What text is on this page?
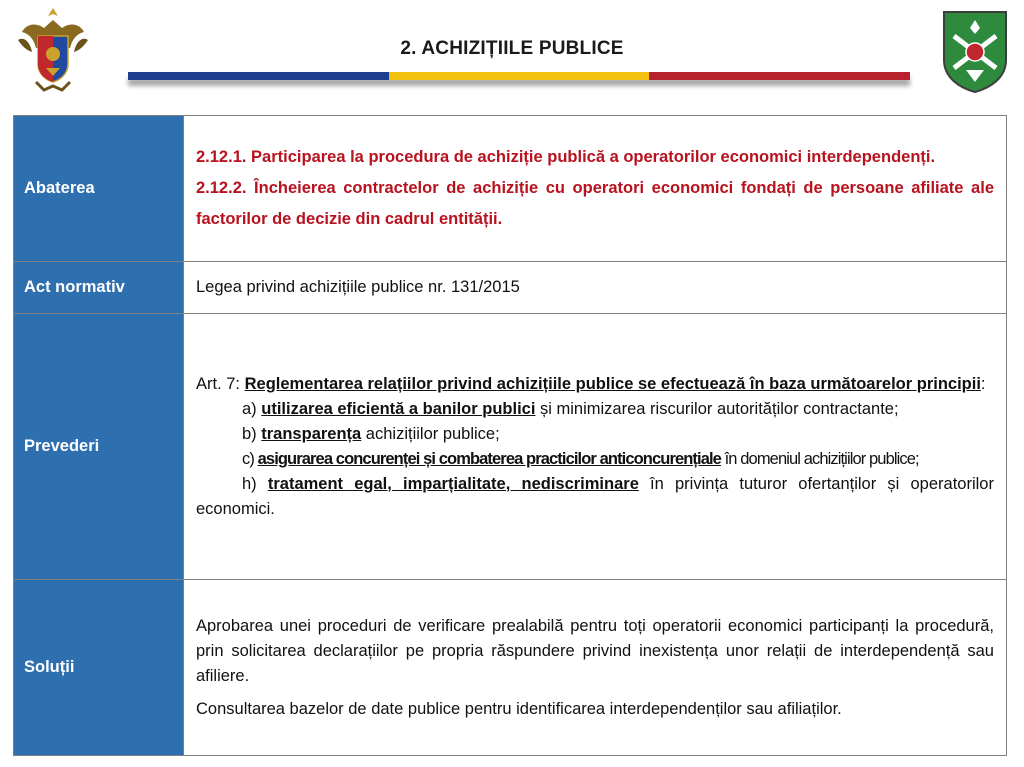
2. ACHIZIȚIILE PUBLICE
Abaterea	2.12.1. Participarea la procedura de achiziție publică a operatorilor economici interdependenți.

2.12.2. Încheierea contractelor de achiziție cu operatori economici fondați de persoane afiliate ale factorilor de decizie din cadrul entității.

Act normativ	Legea privind achizițiile publice nr. 131/2015
Prevederi	Art. 7: Reglementarea relațiilor privind achizițiile publice se efectuează în baza următoarelor principii:

a) utilizarea eficientă a banilor publici și minimizarea riscurilor autorităților contractante;

b) transparența achizițiilor publice;

c) asigurarea concurenței și combaterea practicilor anticoncurențiale în domeniul achizițiilor publice;

h) tratament egal, imparțialitate, nediscriminare în privința tuturor ofertanților și operatorilor economici.

Soluții	Aprobarea unei proceduri de verificare prealabilă pentru toți operatorii economici participanți la procedură, prin solicitarea declarațiilor pe propria răspundere privind inexistența unor relații de interdependență sau afiliere.

Consultarea bazelor de date publice pentru identificarea interdependenților sau afiliaților.
